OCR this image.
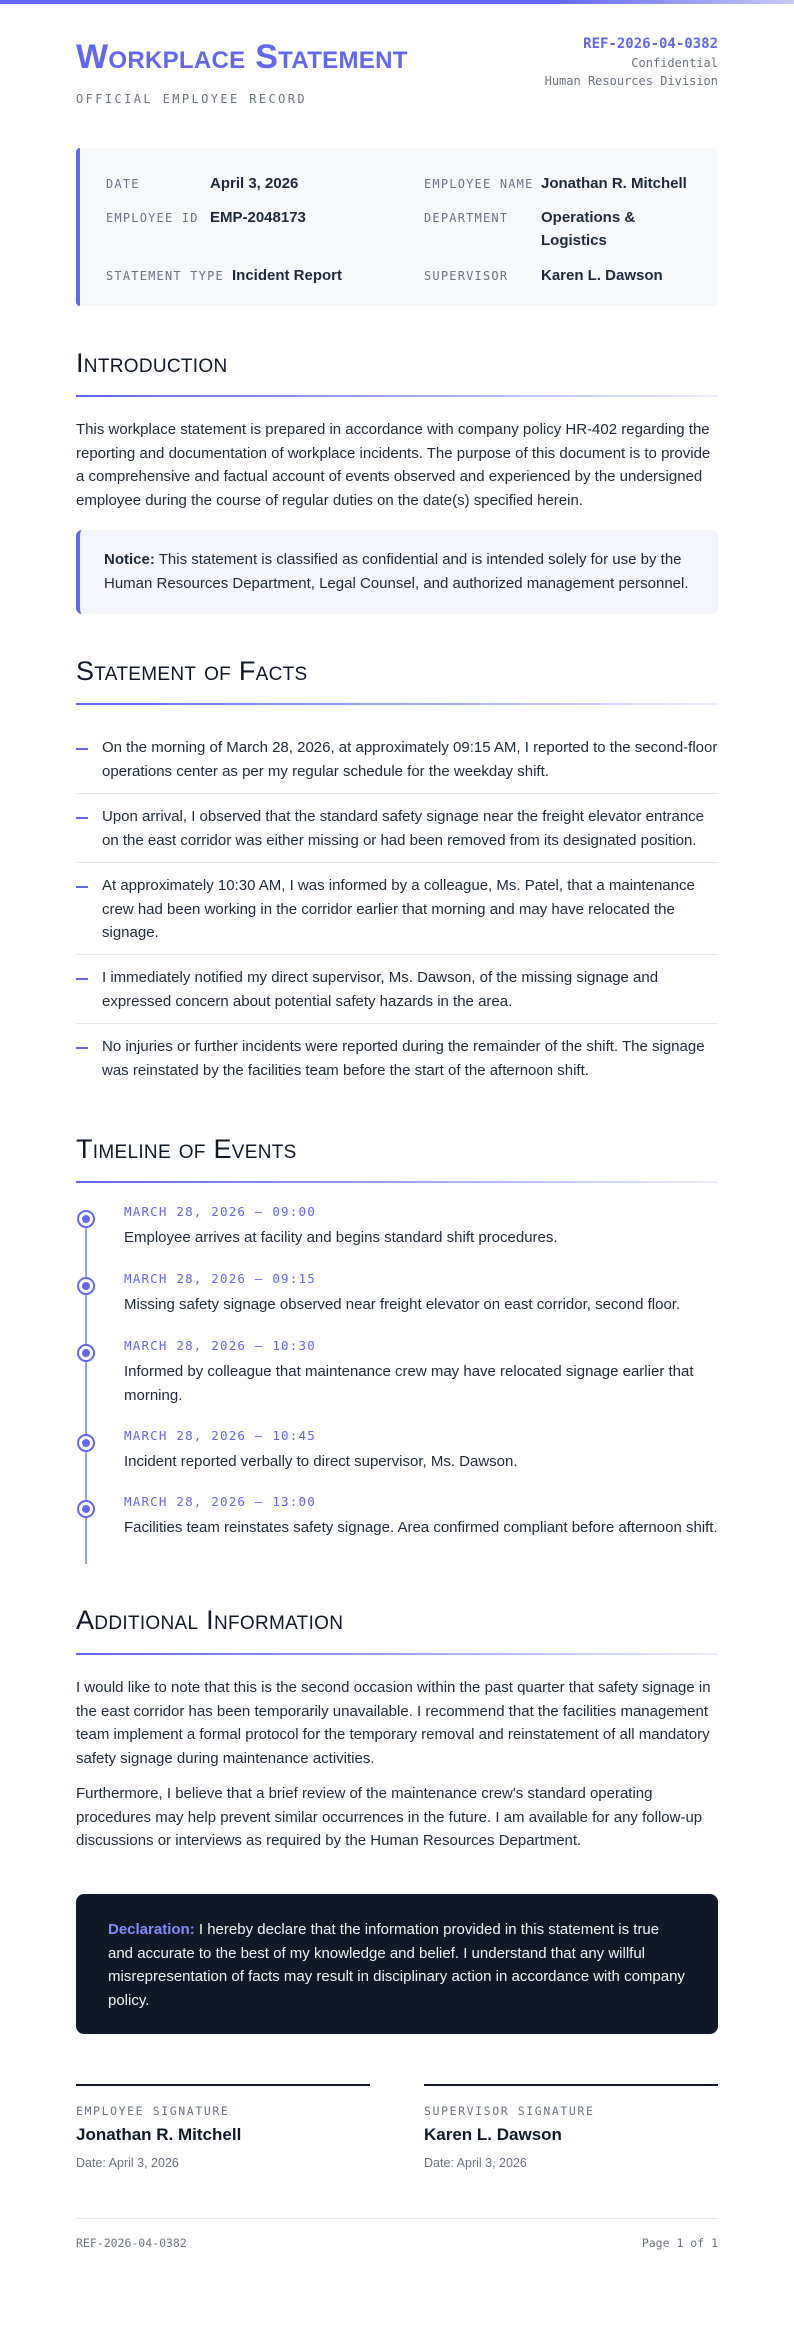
Workplace Statement
OFFICIAL EMPLOYEE RECORD
REF-2026-04-0382
Confidential
Human Resources Division
DATE	April 3, 2026	EMPLOYEE NAME Jonathan R. Mitchell
EMPLOYEE ID EMP-2048173	DEPARTMENT Operations & Logistics
STATEMENT TYPE Incident Report	SUPERVISOR Karen L. Dawson
Introduction

This workplace statement is prepared in accordance with company policy HR-402 regarding the reporting and documentation of workplace incidents. The purpose of this document is to provide a comprehensive and factual account of events observed and experienced by the undersigned employee during the course of regular duties on the date(s) specified herein.

Notice: This statement is classified as confidential and is intended solely for use by the Human Resources Department, Legal Counsel, and authorized management personnel.
Statement of Facts

On the morning of March 28, 2026, at approximately 09:15 AM, I reported to the second-floor operations center as per my regular schedule for the weekday shift.

Upon arrival, I observed that the standard safety signage near the freight elevator entrance on the east corridor was either missing or had been removed from its designated position.

At approximately 10:30 AM, I was informed by a colleague, Ms. Patel, that a maintenance crew had been working in the corridor earlier that morning and may have relocated the signage.

I immediately notified my direct supervisor, Ms. Dawson, of the missing signage and expressed concern about potential safety hazards in the area.

No injuries or further incidents were reported during the remainder of the shift. The signage was reinstated by the facilities team before the start of the afternoon shift.

Timeline of Events
MARCH 28, 2026 — 09:00

Employee arrives at facility and begins standard shift procedures.

MARCH 28, 2026 — 09:15

Missing safety signage observed near freight elevator on east corridor, second floor.

MARCH 28, 2026 — 10:30

Informed by colleague that maintenance crew may have relocated signage earlier that morning.

MARCH 28, 2026 — 10:45

Incident reported verbally to direct supervisor, Ms. Dawson.

MARCH 28, 2026 — 13:00

Facilities team reinstates safety signage. Area confirmed compliant before afternoon shift.

Additional Information

I would like to note that this is the second occasion within the past quarter that safety signage in the east corridor has been temporarily unavailable. I recommend that the facilities management team implement a formal protocol for the temporary removal and reinstatement of all mandatory safety signage during maintenance activities.

Furthermore, I believe that a brief review of the maintenance crew's standard operating procedures may help prevent similar occurrences in the future. I am available for any follow-up discussions or interviews as required by the Human Resources Department.

Declaration: I hereby declare that the information provided in this statement is true and accurate to the best of my knowledge and belief. I understand that any willful misrepresentation of facts may result in disciplinary action in accordance with company policy.
EMPLOYEE SIGNATURE
Jonathan R. Mitchell
Date: April 3, 2026
SUPERVISOR SIGNATURE
Karen L. Dawson
Date: April 3, 2026
REF-2026-04-0382	Page 1 of 1
